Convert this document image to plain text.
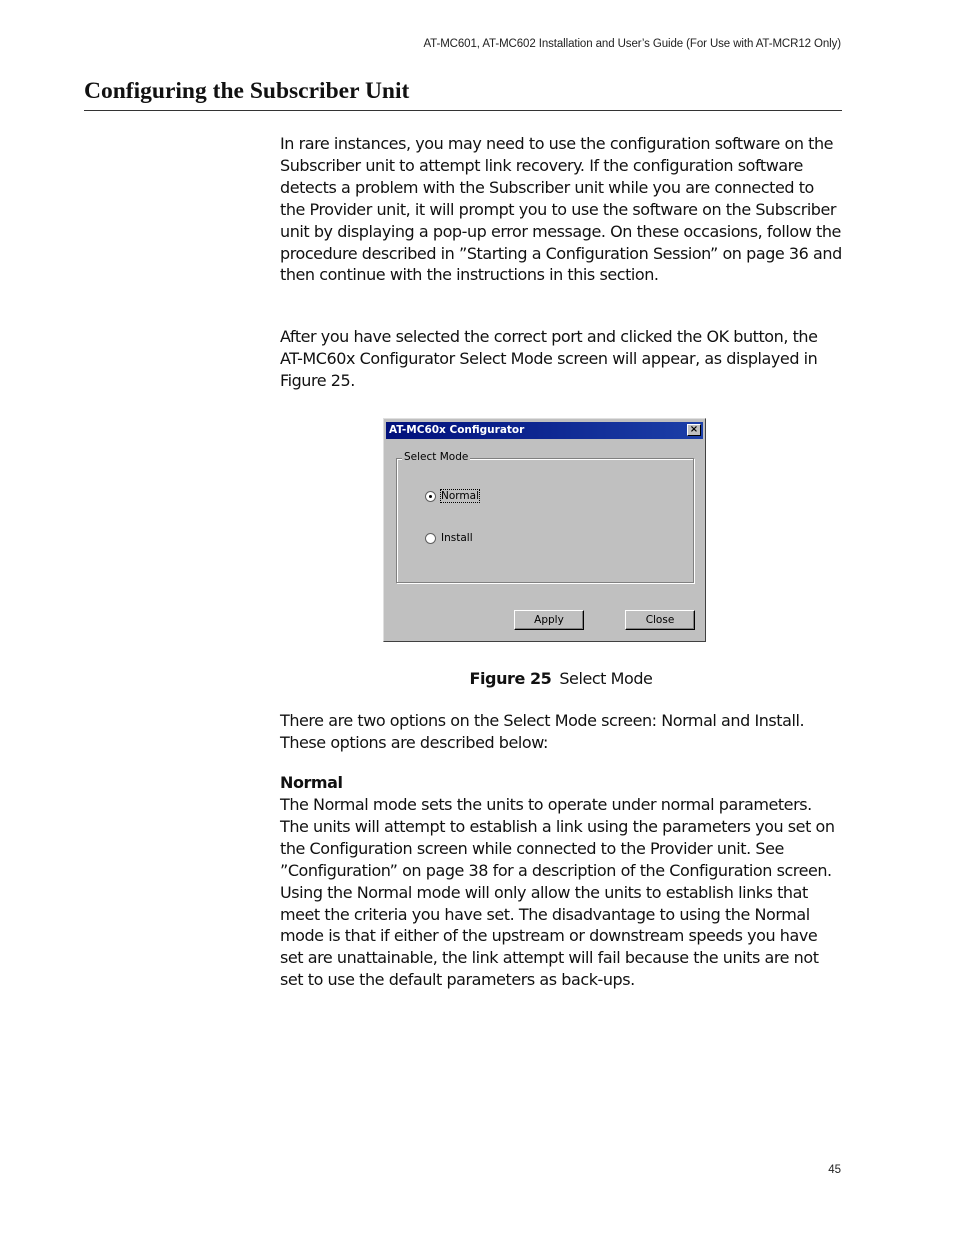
AT-MC601, AT-MC602 Installation and User’s Guide (For Use with AT-MCR12 Only)
Configuring the Subscriber Unit

In rare instances, you may need to use the configuration software on the Subscriber unit to attempt link recovery. If the configuration software detects a problem with the Subscriber unit while you are connected to the Provider unit, it will prompt you to use the software on the Subscriber unit by displaying a pop-up error message. On these occasions, follow the procedure described in ”Starting a Configuration Session” on page 36 and then continue with the instructions in this section.

After you have selected the correct port and clicked the OK button, the AT-MC60x Configurator Select Mode screen will appear, as displayed in Figure 25.

AT-MC60x Configurator	×
Select Mode
Normal
Install
Apply	Close

Figure 25 Select Mode

There are two options on the Select Mode screen: Normal and Install. These options are described below:

Normal

The Normal mode sets the units to operate under normal parameters. The units will attempt to establish a link using the parameters you set on the Configuration screen while connected to the Provider unit. See ”Configuration” on page 38 for a description of the Configuration screen. Using the Normal mode will only allow the units to establish links that meet the criteria you have set. The disadvantage to using the Normal mode is that if either of the upstream or downstream speeds you have set are unattainable, the link attempt will fail because the units are not set to use the default parameters as back-ups.

45
